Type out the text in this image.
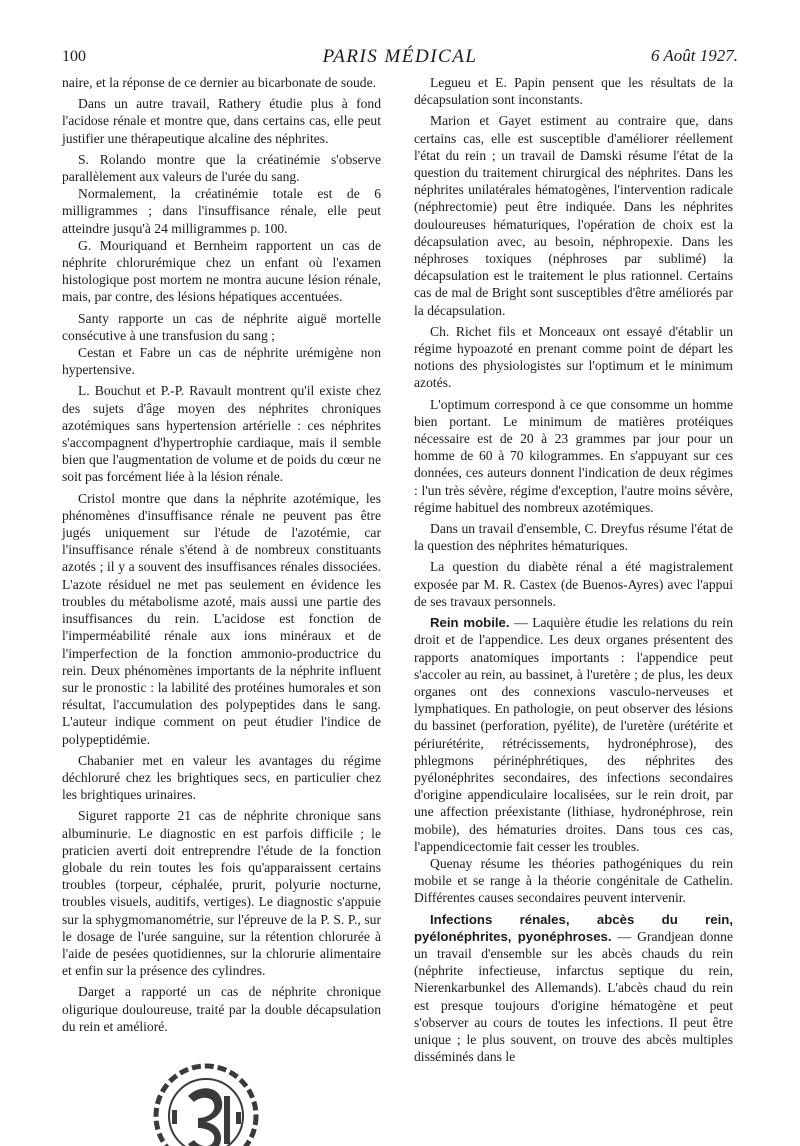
100	PARIS MÉDICAL	6 Août 1927.

naire, et la réponse de ce dernier au bicarbonate de soude.

Dans un autre travail, Rathery étudie plus à fond l'acidose rénale et montre que, dans certains cas, elle peut justifier une thérapeutique alcaline des néphrites.

S. Rolando montre que la créatinémie s'observe parallèlement aux valeurs de l'urée du sang.

Normalement, la créatinémie totale est de 6 milligrammes ; dans l'insuffisance rénale, elle peut atteindre jusqu'à 24 milligrammes p. 100.

G. Mouriquand et Bernheim rapportent un cas de néphrite chlorurémique chez un enfant où l'examen histologique post mortem ne montra aucune lésion rénale, mais, par contre, des lésions hépatiques accentuées.

Santy rapporte un cas de néphrite aiguë mortelle consécutive à une transfusion du sang ;

Cestan et Fabre un cas de néphrite urémigène non hypertensive.

L. Bouchut et P.-P. Ravault montrent qu'il existe chez des sujets d'âge moyen des néphrites chroniques azotémiques sans hypertension artérielle : ces néphrites s'accompagnent d'hypertrophie cardiaque, mais il semble bien que l'augmentation de volume et de poids du cœur ne soit pas forcément liée à la lésion rénale.

Cristol montre que dans la néphrite azotémique, les phénomènes d'insuffisance rénale ne peuvent pas être jugés uniquement sur l'étude de l'azotémie, car l'insuffisance rénale s'étend à de nombreux constituants azotés ; il y a souvent des insuffisances rénales dissociées. L'azote résiduel ne met pas seulement en évidence les troubles du métabolisme azoté, mais aussi une partie des insuffisances du rein. L'acidose est fonction de l'imperméabilité rénale aux ions minéraux et de l'imperfection de la fonction ammonio-productrice du rein. Deux phénomènes importants de la néphrite influent sur le pronostic : la labilité des protéines humorales et son résultat, l'accumulation des polypeptides dans le sang. L'auteur indique comment on peut étudier l'indice de polypeptidémie.

Chabanier met en valeur les avantages du régime déchloruré chez les brightiques secs, en particulier chez les brightiques urinaires.

Siguret rapporte 21 cas de néphrite chronique sans albuminurie. Le diagnostic en est parfois difficile ; le praticien averti doit entreprendre l'étude de la fonction globale du rein toutes les fois qu'apparaissent certains troubles (torpeur, céphalée, prurit, polyurie nocturne, troubles visuels, auditifs, vertiges). Le diagnostic s'appuie sur la sphygmomanométrie, sur l'épreuve de la P. S. P., sur le dosage de l'urée sanguine, sur la rétention chlorurée à l'aide de pesées quotidiennes, sur la chlorurie alimentaire et enfin sur la présence des cylindres.

Darget a rapporté un cas de néphrite chronique oligurique douloureuse, traité par la double décapsulation du rein et amélioré.

Legueu et E. Papin pensent que les résultats de la décapsulation sont inconstants.

Marion et Gayet estiment au contraire que, dans certains cas, elle est susceptible d'améliorer réellement l'état du rein ; un travail de Damski résume l'état de la question du traitement chirurgical des néphrites. Dans les néphrites unilatérales hématogènes, l'intervention radicale (néphrectomie) peut être indiquée. Dans les néphrites douloureuses hématuriques, l'opération de choix est la décapsulation avec, au besoin, néphropexie. Dans les néphroses toxiques (néphroses par sublimé) la décapsulation est le traitement le plus rationnel. Certains cas de mal de Bright sont susceptibles d'être améliorés par la décapsulation.

Ch. Richet fils et Monceaux ont essayé d'établir un régime hypoazoté en prenant comme point de départ les notions des physiologistes sur l'optimum et le minimum azotés.

L'optimum correspond à ce que consomme un homme bien portant. Le minimum de matières protéiques nécessaire est de 20 à 23 grammes par jour pour un homme de 60 à 70 kilogrammes. En s'appuyant sur ces données, ces auteurs donnent l'indication de deux régimes : l'un très sévère, régime d'exception, l'autre moins sévère, régime habituel des nombreux azotémiques.

Dans un travail d'ensemble, C. Dreyfus résume l'état de la question des néphrites hématuriques.

La question du diabète rénal a été magistralement exposée par M. R. Castex (de Buenos-Ayres) avec l'appui de ses travaux personnels.

Rein mobile. — Laquière étudie les relations du rein droit et de l'appendice. Les deux organes présentent des rapports anatomiques importants : l'appendice peut s'accoler au rein, au bassinet, à l'uretère ; de plus, les deux organes ont des connexions vasculo-nerveuses et lymphatiques. En pathologie, on peut observer des lésions du bassinet (perforation, pyélite), de l'uretère (urétérite et périurétérite, rétrécissements, hydronéphrose), des phlegmons périnéphrétiques, des néphrites des pyélonéphrites secondaires, des infections secondaires d'origine appendiculaire localisées, sur le rein droit, par une affection préexistante (lithiase, hydronéphrose, rein mobile), des hématuries droites. Dans tous ces cas, l'appendicectomie fait cesser les troubles.

Quenay résume les théories pathogéniques du rein mobile et se range à la théorie congénitale de Cathelin. Différentes causes secondaires peuvent intervenir.

Infections rénales, abcès du rein, pyélonéphrites, pyonéphroses. — Grandjean donne un travail d'ensemble sur les abcès chauds du rein (néphrite infectieuse, infarctus septique du rein, Nierenkarbunkel des Allemands). L'abcès chaud du rein est presque toujours d'origine hématogène et peut s'observer au cours de toutes les infections. Il peut être unique ; le plus souvent, on trouve des abcès multiples disséminés dans le
